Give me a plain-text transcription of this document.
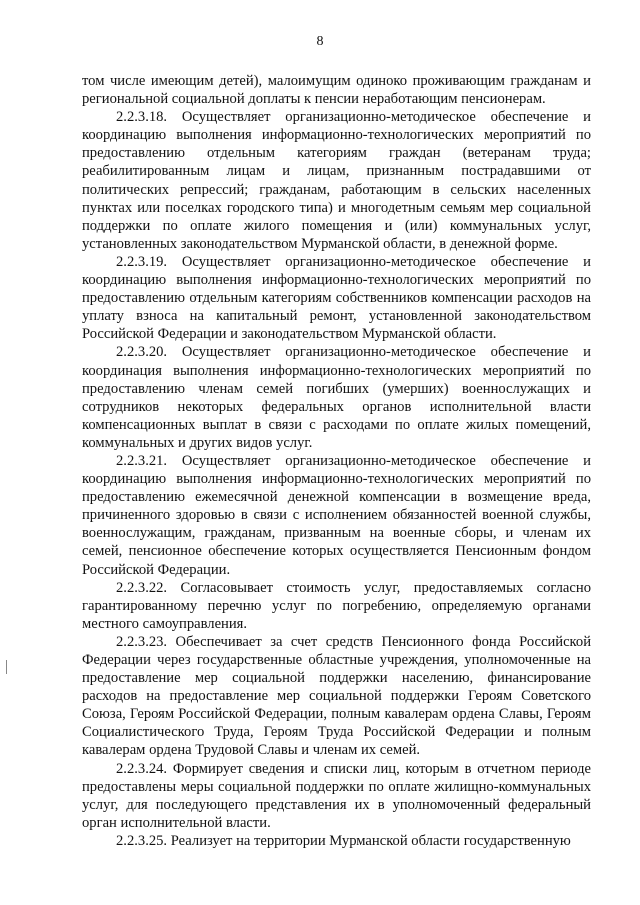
8

том числе имеющим детей), малоимущим одиноко проживающим гражданам и региональной социальной доплаты к пенсии неработающим пенсионерам.

2.2.3.18. Осуществляет организационно-методическое обеспечение и координацию выполнения информационно-технологических мероприятий по предоставлению отдельным категориям граждан (ветеранам труда; реабилитированным лицам и лицам, признанным пострадавшими от политических репрессий; гражданам, работающим в сельских населенных пунктах или поселках городского типа) и многодетным семьям мер социальной поддержки по оплате жилого помещения и (или) коммунальных услуг, установленных законодательством Мурманской области, в денежной форме.

2.2.3.19. Осуществляет организационно-методическое обеспечение и координацию выполнения информационно-технологических мероприятий по предоставлению отдельным категориям собственников компенсации расходов на уплату взноса на капитальный ремонт, установленной законодательством Российской Федерации и законодательством Мурманской области.

2.2.3.20. Осуществляет организационно-методическое обеспечение и координация выполнения информационно-технологических мероприятий по предоставлению членам семей погибших (умерших) военнослужащих и сотрудников некоторых федеральных органов исполнительной власти компенсационных выплат в связи с расходами по оплате жилых помещений, коммунальных и других видов услуг.

2.2.3.21. Осуществляет организационно-методическое обеспечение и координацию выполнения информационно-технологических мероприятий по предоставлению ежемесячной денежной компенсации в возмещение вреда, причиненного здоровью в связи с исполнением обязанностей военной службы, военнослужащим, гражданам, призванным на военные сборы, и членам их семей, пенсионное обеспечение которых осуществляется Пенсионным фондом Российской Федерации.

2.2.3.22. Согласовывает стоимость услуг, предоставляемых согласно гарантированному перечню услуг по погребению, определяемую органами местного самоуправления.

2.2.3.23. Обеспечивает за счет средств Пенсионного фонда Российской Федерации через государственные областные учреждения, уполномоченные на предоставление мер социальной поддержки населению, финансирование расходов на предоставление мер социальной поддержки Героям Советского Союза, Героям Российской Федерации, полным кавалерам ордена Славы, Героям Социалистического Труда, Героям Труда Российской Федерации и полным кавалерам ордена Трудовой Славы и членам их семей.

2.2.3.24. Формирует сведения и списки лиц, которым в отчетном периоде предоставлены меры социальной поддержки по оплате жилищно-коммунальных услуг, для последующего представления их в уполномоченный федеральный орган исполнительной власти.

2.2.3.25. Реализует на территории Мурманской области государственную
